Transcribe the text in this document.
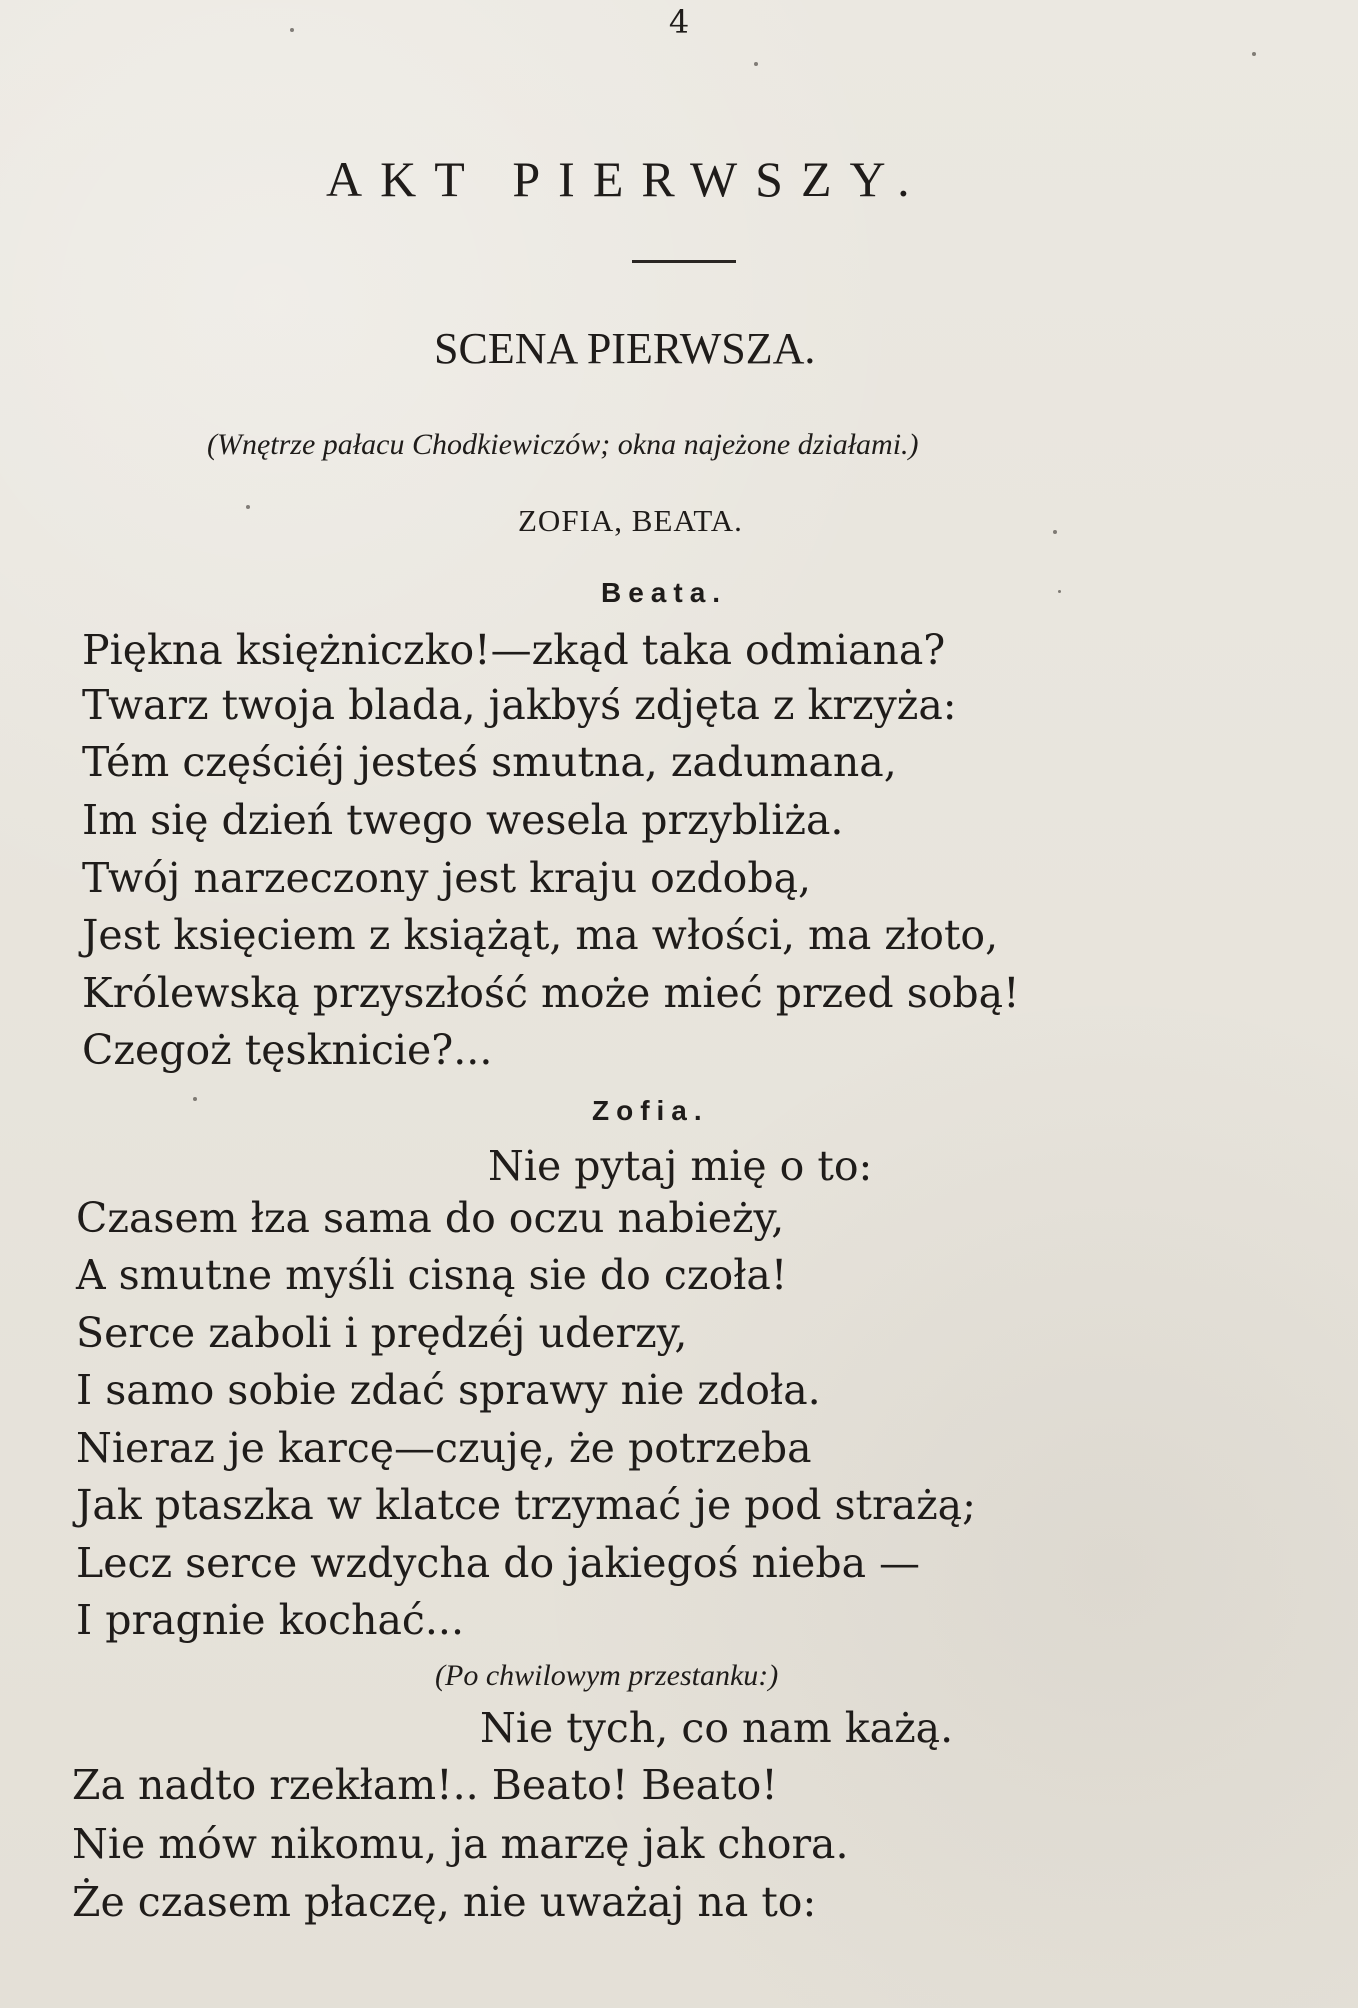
4
AKT PIERWSZY.
SCENA PIERWSZA.
(Wnętrze pałacu Chodkiewiczów; okna najeżone działami.)
ZOFIA, BEATA.
Beata.
Piękna księżniczko!—zkąd taka odmiana?
Twarz twoja blada, jakbyś zdjęta z krzyża:
Tém częściéj jesteś smutna, zadumana,
Im się dzień twego wesela przybliża.
Twój narzeczony jest kraju ozdobą,
Jest księciem z książąt, ma włości, ma złoto,
Królewską przyszłość może mieć przed sobą!
Czegoż tęsknicie?...
Zofia.
Nie pytaj mię o to:
Czasem łza sama do oczu nabieży,
A smutne myśli cisną sie do czoła!
Serce zaboli i prędzéj uderzy,
I samo sobie zdać sprawy nie zdoła.
Nieraz je karcę—czuję, że potrzeba
Jak ptaszka w klatce trzymać je pod strażą;
Lecz serce wzdycha do jakiegoś nieba —
I pragnie kochać...
(Po chwilowym przestanku:)
Nie tych, co nam każą.
Za nadto rzekłam!.. Beato! Beato!
Nie mów nikomu, ja marzę jak chora.
Że czasem płaczę, nie uważaj na to:
